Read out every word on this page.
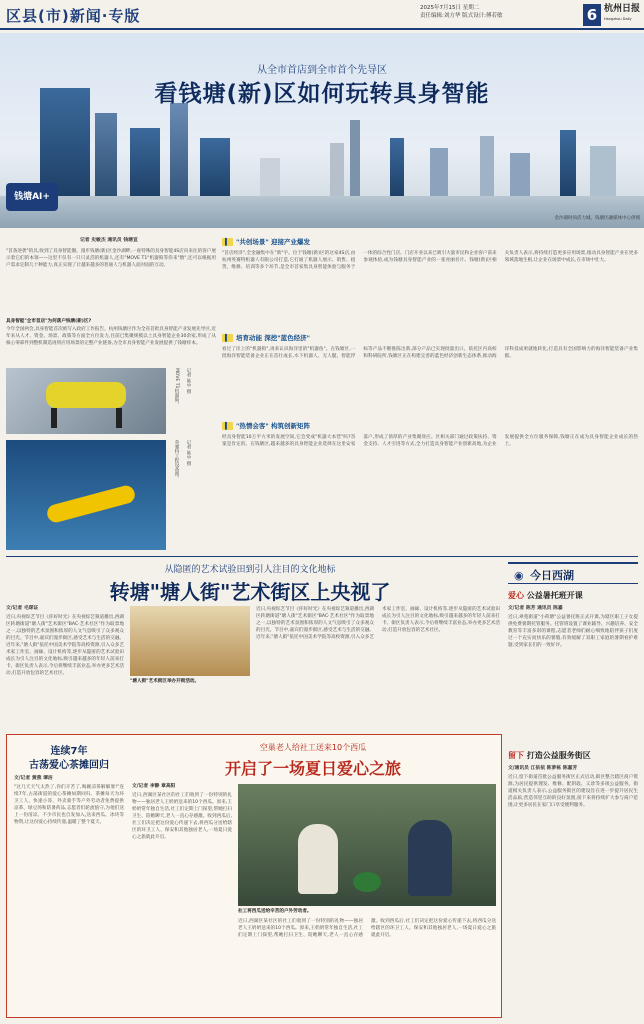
区县(市)新闻·专版	2025年7月15日 星期二
责任编辑:刘方华 版式设计:傅若敏	6 杭州日报
Hangzhou Daily
从全市首店到全市首个先导区
看钱塘(新)区如何玩转具身智能
钱塘AI+
金沙湖时尚活力城。钱塘区融媒体中心供图
记者 史敏杰 通讯员 钱塘宣
"首条逆袭"的具,收到了具身智能圈。漫步钱塘(新)区金沙湖畔,一座特殊的具身智能4S店向来往的客户展示着它们的本领——这里不仅有一只只灵活的机器人,还有"MOVE T1"机器狗等你来"撸",还可以根据用户需求定制几十种能力,真正实现了让越来越多的普通人与机器人面对面的互动。
具身智能"全市首店"为何落户钱塘(新)区?
今年全国两会,具身智能首次被写入政府工作报告。杭州钱塘区作为全省首批具身智能产业发展先导区,近年来从人才、资金、场景、政策等方面全方位发力,目前已集聚规模以上具身智能企业30余家,形成了从核心零部件到整机制造再到应用场景的完整产业链条,为全市具身智能产业发展提供了钱塘样本。
MOVE T1机器狗。	记者 陈中 摄
英赛特工程设备图。	记者 陈中 摄
▍ "共创场景" 迎接产业爆发
"首店经济",全金融集中在"新"字。位于钱塘(新)区的这家4S店,由杭州英赛特机器人有限公司打造,它打通了机器人展示、销售、租赁、维修、培训等多个环节,是全市首家集具身智能体验与服务于一体的综合性门店。门店开业以来已吸引大量市民和企业客户前来参观体验,成为钱塘具身智能产业的一张亮丽名片。钱塘(新)区相关负责人表示,将持续打造更多应用场景,推动具身智能产业在更多领域落地生根,让企业在场景中成长,在市场中壮大。
▍ 培育动能 深挖"蓝色经济"
看过了岸上的"机器狗",再来认识海洋里的"机器鱼"。在钱塘区,一批海洋智能装备企业正在茁壮成长,水下机器人、无人艇、智能浮标等产品不断推陈出新,部分产品已实现批量出口。依托区内高校和科研院所,钱塘区正在构建完善的蓝色经济创新生态体系,推动海洋科技成果就地转化,打造具有全国影响力的海洋智能装备产业集群。
▍ "热情会客" 构筑创新矩阵
经具身智能10万平方米的发展空间,它会变成"机器大本营"吗?答案是肯定的。在钱塘区,越来越多的具身智能企业选择在这里安家落户,形成了浓厚的产业集聚效应。区相关部门通过政策扶持、资金支持、人才引进等方式,全力打造具身智能产业创新高地,为企业发展提供全方位服务保障,钱塘正在成为具身智能企业成长的热土。
从隐匿的艺术试验田到引人注目的文化地标
转塘"塘人街"艺术街区上央视了
文/记者 毛琛证
近日,央视综艺节目《你好时光》在央视综艺频道播出,西湖区转塘街道"塘人街"艺术街区"BAC·艺术社区"作为取景地之一,以独特的艺术氛围和浓厚的人文气息吸引了众多观众的目光。节目中,嘉宾们漫步街区,感受艺术与生活的交融。近年来,"塘人街"依托中国美术学院等高校资源,引入众多艺术家工作室、画廊、设计机构等,逐步从隐匿的艺术试验田成长为引人注目的文化地标,吸引越来越多的年轻人前来打卡。街区负责人表示,今后将继续丰富业态,举办更多艺术活动,打造开放包容的艺术社区。
"塘人街"艺术街区举办开街活动。
近日,央视综艺节目《你好时光》在央视综艺频道播出,西湖区转塘街道"塘人街"艺术街区"BAC·艺术社区"作为取景地之一,以独特的艺术氛围和浓厚的人文气息吸引了众多观众的目光。节目中,嘉宾们漫步街区,感受艺术与生活的交融。近年来,"塘人街"依托中国美术学院等高校资源,引入众多艺术家工作室、画廊、设计机构等,逐步从隐匿的艺术试验田成长为引人注目的文化地标,吸引越来越多的年轻人前来打卡。街区负责人表示,今后将继续丰富业态,举办更多艺术活动,打造开放包容的艺术社区。
今日西湖
◉
爱心 公益暑托班开课
文/记者 陈芳 通讯员 陈嘉
近日,翠苑街道"小荷塘"公益暑托班正式开课,为辖区职工子女提供免费暑期托管服务。托管班设置了课业辅导、兴趣培养、安全教育等丰富多彩的课程,志愿者老师们耐心细致地陪伴孩子们度过一个充实而快乐的暑假,有效缓解了双职工家庭的暑期看护难题,受到家长们的一致好评。
留下 打造公益服务街区
文/通讯员 江依依 陈萝栋 陈嘉芳
近日,留下街道首批公益服务街区正式启动,街区整合辖区商户资源,为居民提供理发、维修、配钥匙、义诊等多项公益服务。街道相关负责人表示,公益服务街区的建设旨在进一步提升居民生活品质,营造邻里互助的良好氛围,接下来将持续扩大参与商户范围,让更多居民在家门口享受便利服务。
连续7年
古荡爱心茶摊回归
文/记者 黄燕 谭洁
"这几天天气太热了,你们辛苦了,喝碗凉茶解解暑!"连续7年,古荡街道的爱心茶摊如期回归。茶摊每天为环卫工人、快递小哥、外卖骑手等户外劳动者免费提供凉茶、绿豆汤和防暑药品,志愿者们轮流值守,为他们送上一份清凉。不少市民也自发加入,送来西瓜、冰块等物资,让这份爱心持续传递,温暖了整个夏天。
空巢老人给社工送来10个西瓜
开启了一场夏日爱心之旅
文/记者 李静 章高阳
近日,西湖区某社区的社工们收到了一份特别的礼物——独居老人王奶奶送来的10个西瓜。原来,王奶奶常年独自生活,社工们定期上门探望,帮她打扫卫生、陪她聊天,老人一直心存感激。收到西瓜后,社工们决定把这份爱心传递下去,将西瓜分送给辖区的环卫工人、保安和其他独居老人,一场夏日爱心之旅就此开启。
社工将西瓜送给辛苦的户外劳动者。
近日,西湖区某社区的社工们收到了一份特别的礼物——独居老人王奶奶送来的10个西瓜。原来,王奶奶常年独自生活,社工们定期上门探望,帮她打扫卫生、陪她聊天,老人一直心存感激。收到西瓜后,社工们决定把这份爱心传递下去,将西瓜分送给辖区的环卫工人、保安和其他独居老人,一场夏日爱心之旅就此开启。
